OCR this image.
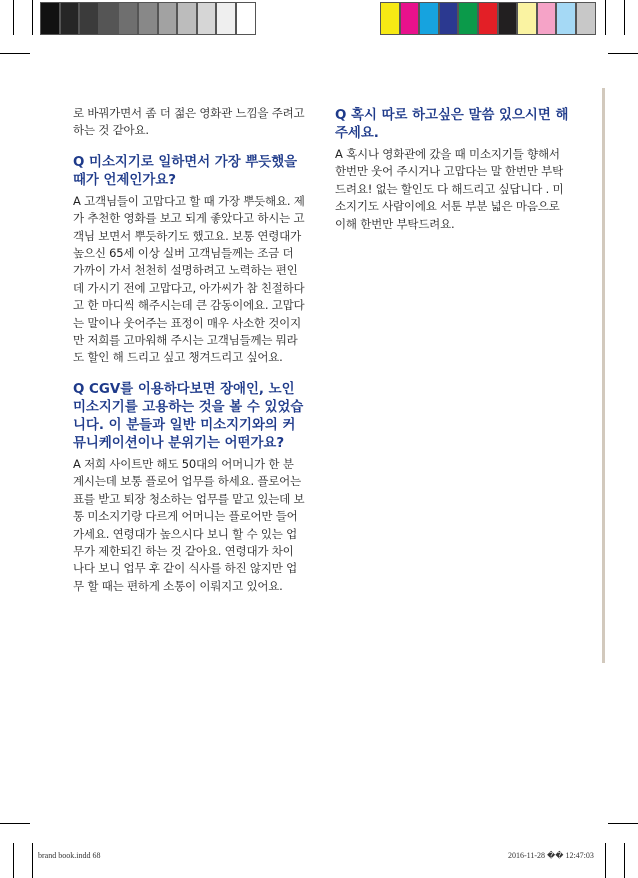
로 바꿔가면서 좀 더 젊은 영화관 느낌을 주려고 하는 것 같아요.

Q 미소지기로 일하면서 가장 뿌듯했을 때가 언제인가요?

A 고객님들이 고맙다고 할 때 가장 뿌듯해요. 제가 추천한 영화를 보고 되게 좋았다고 하시는 고객님 보면서 뿌듯하기도 했고요. 보통 연령대가 높으신 65세 이상 실버 고객님들께는 조금 더 가까이 가서 천천히 설명하려고 노력하는 편인데 가시기 전에 고맙다고, 아가씨가 참 친절하다고 한 마디씩 해주시는데 큰 감동이에요. 고맙다는 말이나 웃어주는 표정이 매우 사소한 것이지만 저희를 고마워해 주시는 고객님들께는 뭐라도 할인 해 드리고 싶고 챙겨드리고 싶어요.

Q CGV를 이용하다보면 장애인, 노인 미소지기를 고용하는 것을 볼 수 있었습니다. 이 분들과 일반 미소지기와의 커뮤니케이션이나 분위기는 어떤가요?

A 저희 사이트만 해도 50대의 어머니가 한 분 계시는데 보통 플로어 업무를 하세요. 플로어는 표를 받고 퇴장 청소하는 업무를 맡고 있는데 보통 미소지기랑 다르게 어머니는 플로어만 들어가세요. 연령대가 높으시다 보니 할 수 있는 업무가 제한되긴 하는 것 같아요. 연령대가 차이 나다 보니 업무 후 같이 식사를 하진 않지만 업무 할 때는 편하게 소통이 이뤄지고 있어요.

Q 혹시 따로 하고싶은 말씀 있으시면 해주세요.

A 혹시나 영화관에 갔을 때 미소지기들 향해서 한번만 웃어 주시거나 고맙다는 말 한번만 부탁드려요! 없는 할인도 다 해드리고 싶답니다 . 미소지기도 사람이에요 서툰 부분 넓은 마음으로 이해 한번만 부탁드려요.

brand book.indd 68	2016-11-28 �� 12:47:03
